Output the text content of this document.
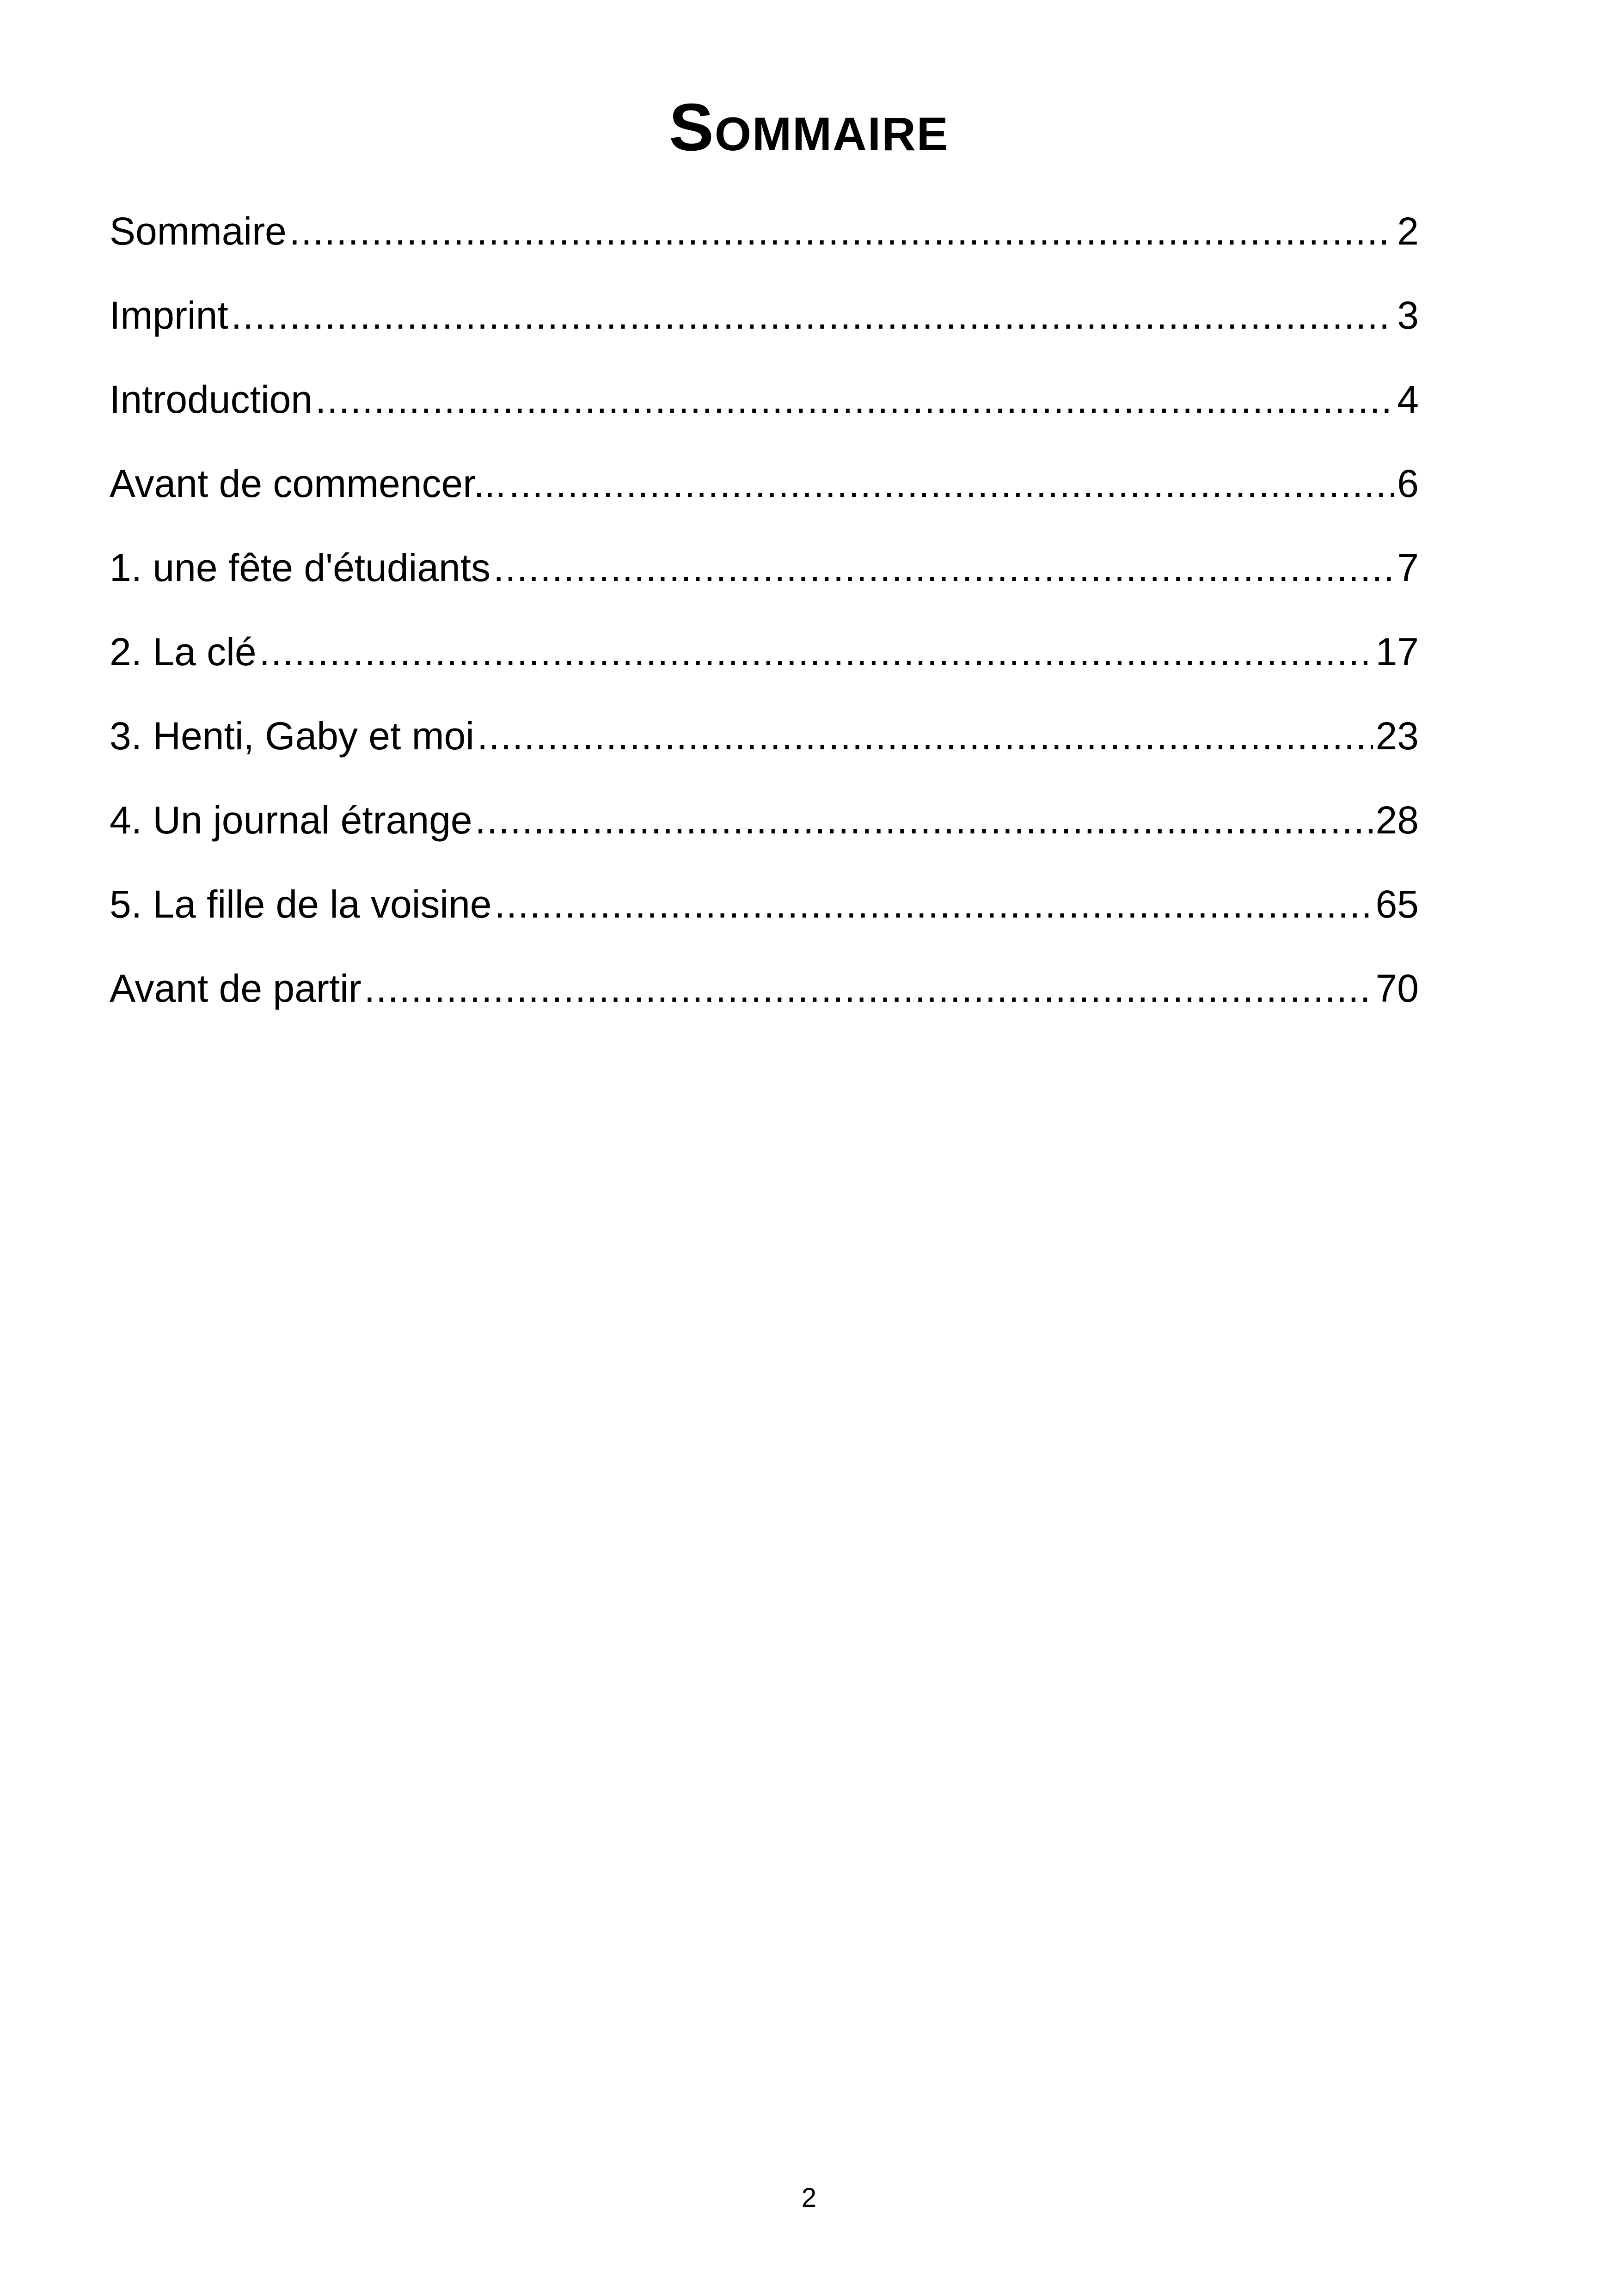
Sommaire
Sommaire .....	2
Imprint .....	3
Introduction .....	4
Avant de commencer... .....	6
1. une fête d'étudiants .....	7
2. La clé .....	17
3. Henti, Gaby et moi .....	23
4. Un journal étrange .....	28
5. La fille de la voisine .....	65
Avant de partir .....	70
2
